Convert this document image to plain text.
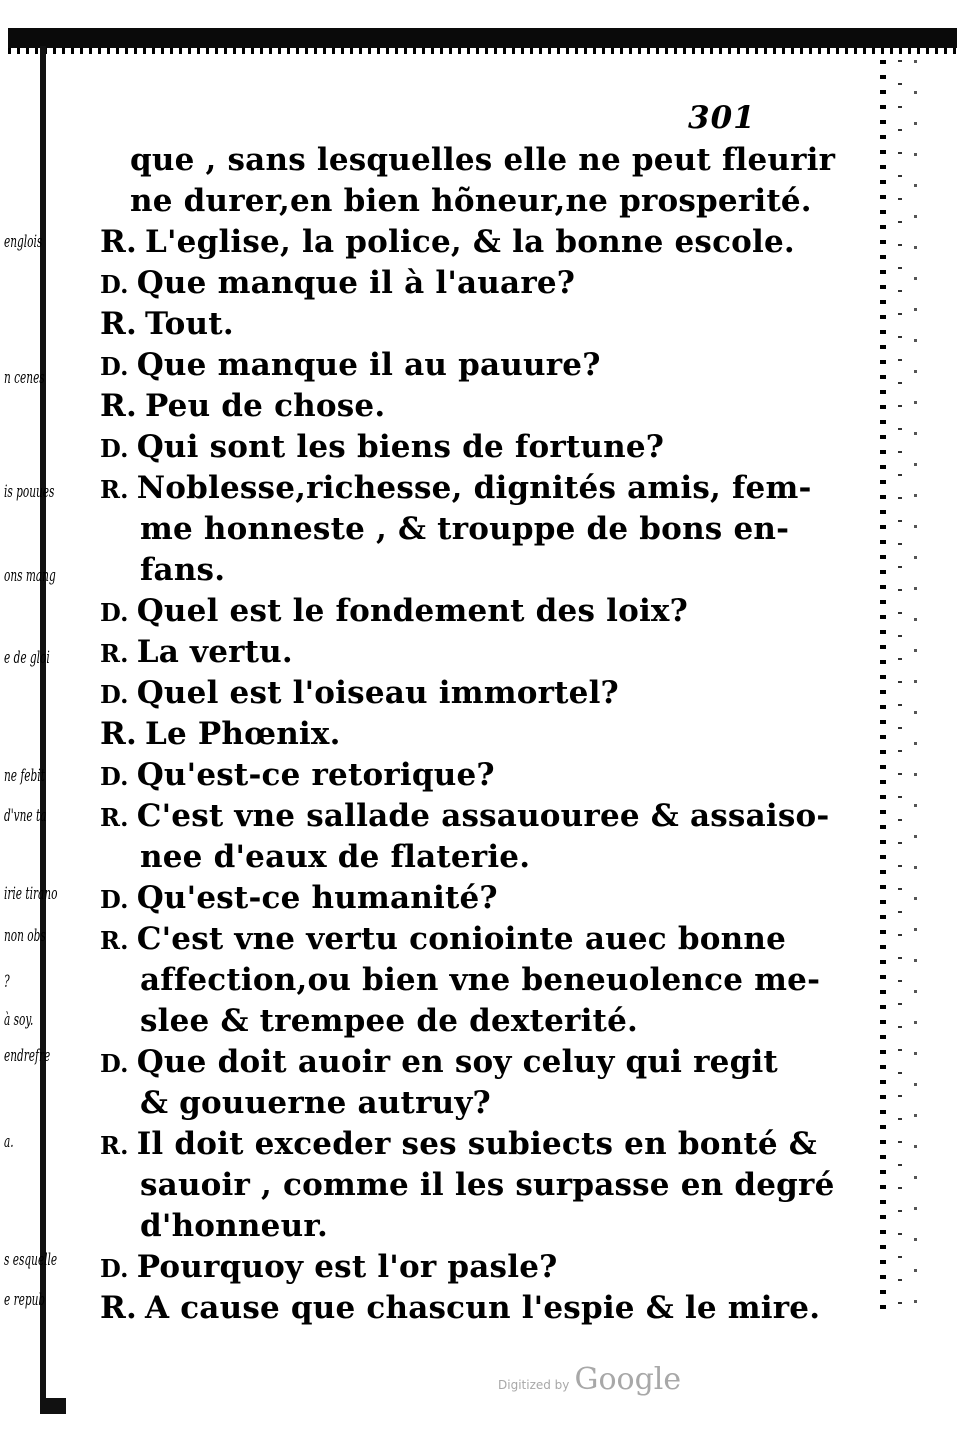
301
englois
n cenes
is pouues
ons mang
e de gloi
ne febit
d'vne ta
irie tirano
non obs
?
à soy.
endrefre
a.
s esquelle
e repub
que , sans lesquelles elle ne peut fleurir
ne durer,en bien hõneur,ne prosperité.
R. L'eglise, la police, & la bonne escole.
D. Que manque il à l'auare?
R. Tout.
D. Que manque il au pauure?
R. Peu de chose.
D. Qui sont les biens de fortune?
R. Noblesse,richesse, dignités amis, fem-
me honneste , & trouppe de bons en-
fans.
D. Quel est le fondement des loix?
R. La vertu.
D. Quel est l'oiseau immortel?
R. Le Phœnix.
D. Qu'est-ce retorique?
R. C'est vne sallade assauouree & assaiso-
nee d'eaux de flaterie.
D. Qu'est-ce humanité?
R. C'est vne vertu coniointe auec bonne
affection,ou bien vne beneuolence me-
slee & trempee de dexterité.
D. Que doit auoir en soy celuy qui regit
& gouuerne autruy?
R. Il doit exceder ses subiects en bonté &
sauoir , comme il les surpasse en degré
d'honneur.
D. Pourquoy est l'or pasle?
R. A cause que chascun l'espie & le mire.
Digitized by Google
